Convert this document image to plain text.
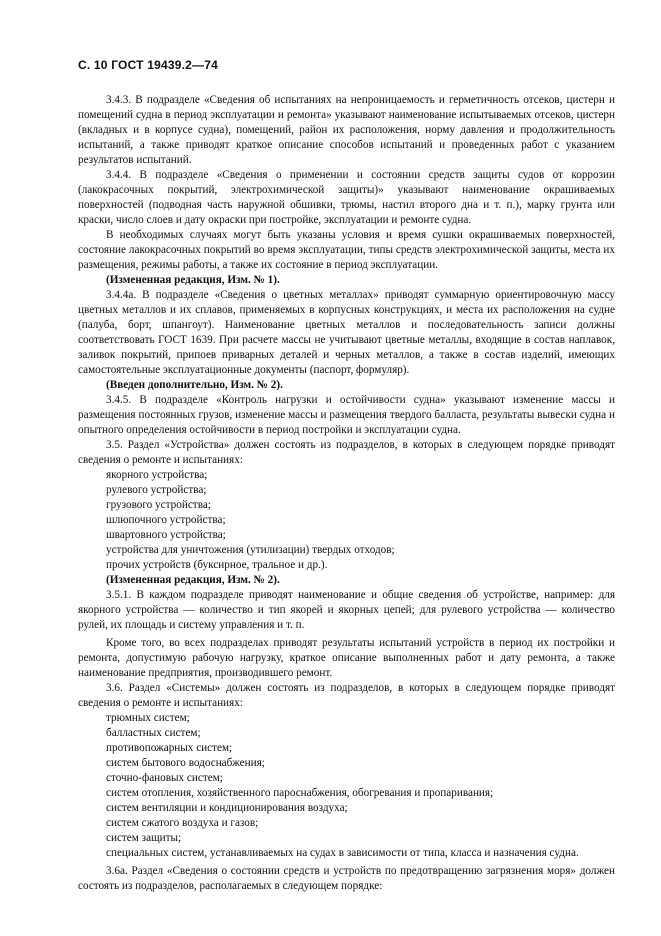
С. 10 ГОСТ 19439.2—74

3.4.3. В подразделе «Сведения об испытаниях на непроницаемость и герметичность отсеков, цистерн и помещений судна в период эксплуатации и ремонта» указывают наименование испытываемых отсеков, цистерн (вкладных и в корпусе судна), помещений, район их расположения, норму давления и продолжительность испытаний, а также приводят краткое описание способов испытаний и проведенных работ с указанием результатов испытаний.

3.4.4. В подразделе «Сведения о применении и состоянии средств защиты судов от коррозии (лакокрасочных покрытий, электрохимической защиты)» указывают наименование окрашиваемых поверхностей (подводная часть наружной обшивки, трюмы, настил второго дна и т. п.), марку грунта или краски, число слоев и дату окраски при постройке, эксплуатации и ремонте судна.

В необходимых случаях могут быть указаны условия и время сушки окрашиваемых поверхностей, состояние лакокрасочных покрытий во время эксплуатации, типы средств электрохимической защиты, места их размещения, режимы работы, а также их состояние в период эксплуатации.

(Измененная редакция, Изм. № 1).

3.4.4а. В подразделе «Сведения о цветных металлах» приводят суммарную ориентировочную массу цветных металлов и их сплавов, применяемых в корпусных конструкциях, и места их расположения на судне (палуба, борт, шпангоут). Наименование цветных металлов и последовательность записи должны соответствовать ГОСТ 1639. При расчете массы не учитывают цветные металлы, входящие в состав наплавок, заливок покрытий, припоев приварных деталей и черных металлов, а также в состав изделий, имеющих самостоятельные эксплуатационные документы (паспорт, формуляр).

(Введен дополнительно, Изм. № 2).

3.4.5. В подразделе «Контроль нагрузки и остойчивости судна» указывают изменение массы и размещения постоянных грузов, изменение массы и размещения твердого балласта, результаты вывески судна и опытного определения остойчивости в период постройки и эксплуатации судна.

3.5. Раздел «Устройства» должен состоять из подразделов, в которых в следующем порядке приводят сведения о ремонте и испытаниях:

якорного устройства;

рулевого устройства;

грузового устройства;

шлюпочного устройства;

швартовного устройства;

устройства для уничтожения (утилизации) твердых отходов;

прочих устройств (буксирное, тральное и др.).

(Измененная редакция, Изм. № 2).

3.5.1. В каждом подразделе приводят наименование и общие сведения об устройстве, например: для якорного устройства — количество и тип якорей и якорных цепей; для рулевого устройства — количество рулей, их площадь и систему управления и т. п.

Кроме того, во всех подразделах приводят результаты испытаний устройств в период их постройки и ремонта, допустимую рабочую нагрузку, краткое описание выполненных работ и дату ремонта, а также наименование предприятия, производившего ремонт.

3.6. Раздел «Системы» должен состоять из подразделов, в которых в следующем порядке приводят сведения о ремонте и испытаниях:

трюмных систем;

балластных систем;

противопожарных систем;

систем бытового водоснабжения;

сточно-фановых систем;

систем отопления, хозяйственного пароснабжения, обогревания и пропаривания;

систем вентиляции и кондиционирования воздуха;

систем сжатого воздуха и газов;

систем защиты;

специальных систем, устанавливаемых на судах в зависимости от типа, класса и назначения судна.

3.6а. Раздел «Сведения о состоянии средств и устройств по предотвращению загрязнения моря» должен состоять из подразделов, располагаемых в следующем порядке:
